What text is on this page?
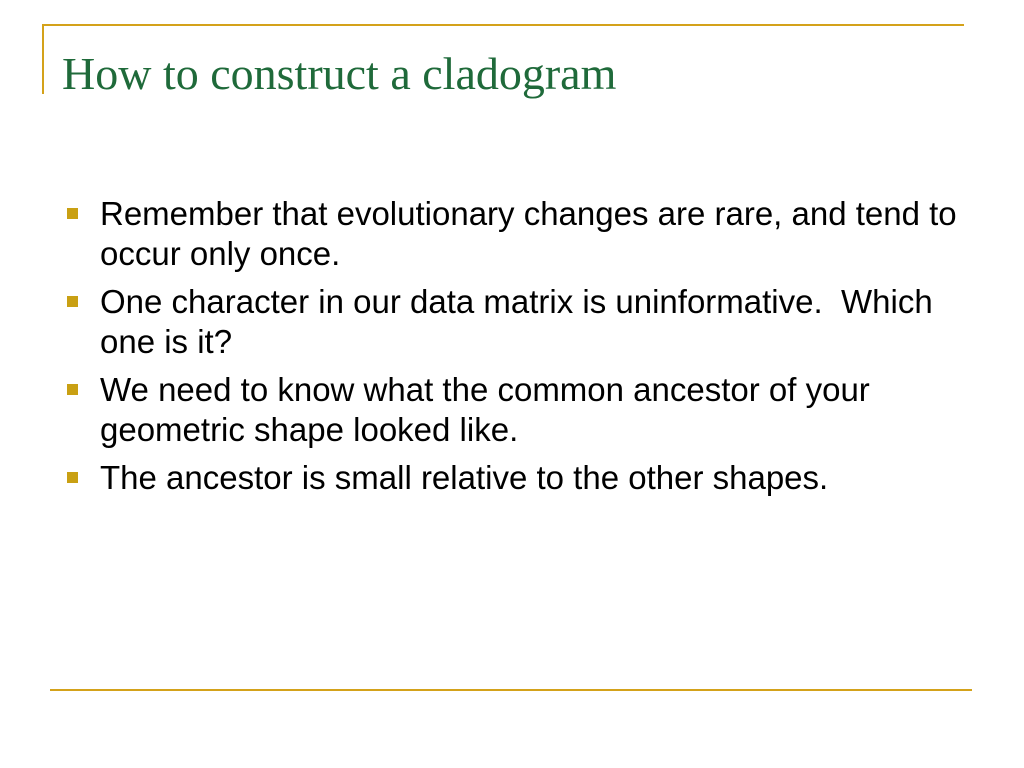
How to construct a cladogram
Remember that evolutionary changes are rare, and tend to occur only once.
One character in our data matrix is uninformative.  Which one is it?
We need to know what the common ancestor of your geometric shape looked like.
The ancestor is small relative to the other shapes.
